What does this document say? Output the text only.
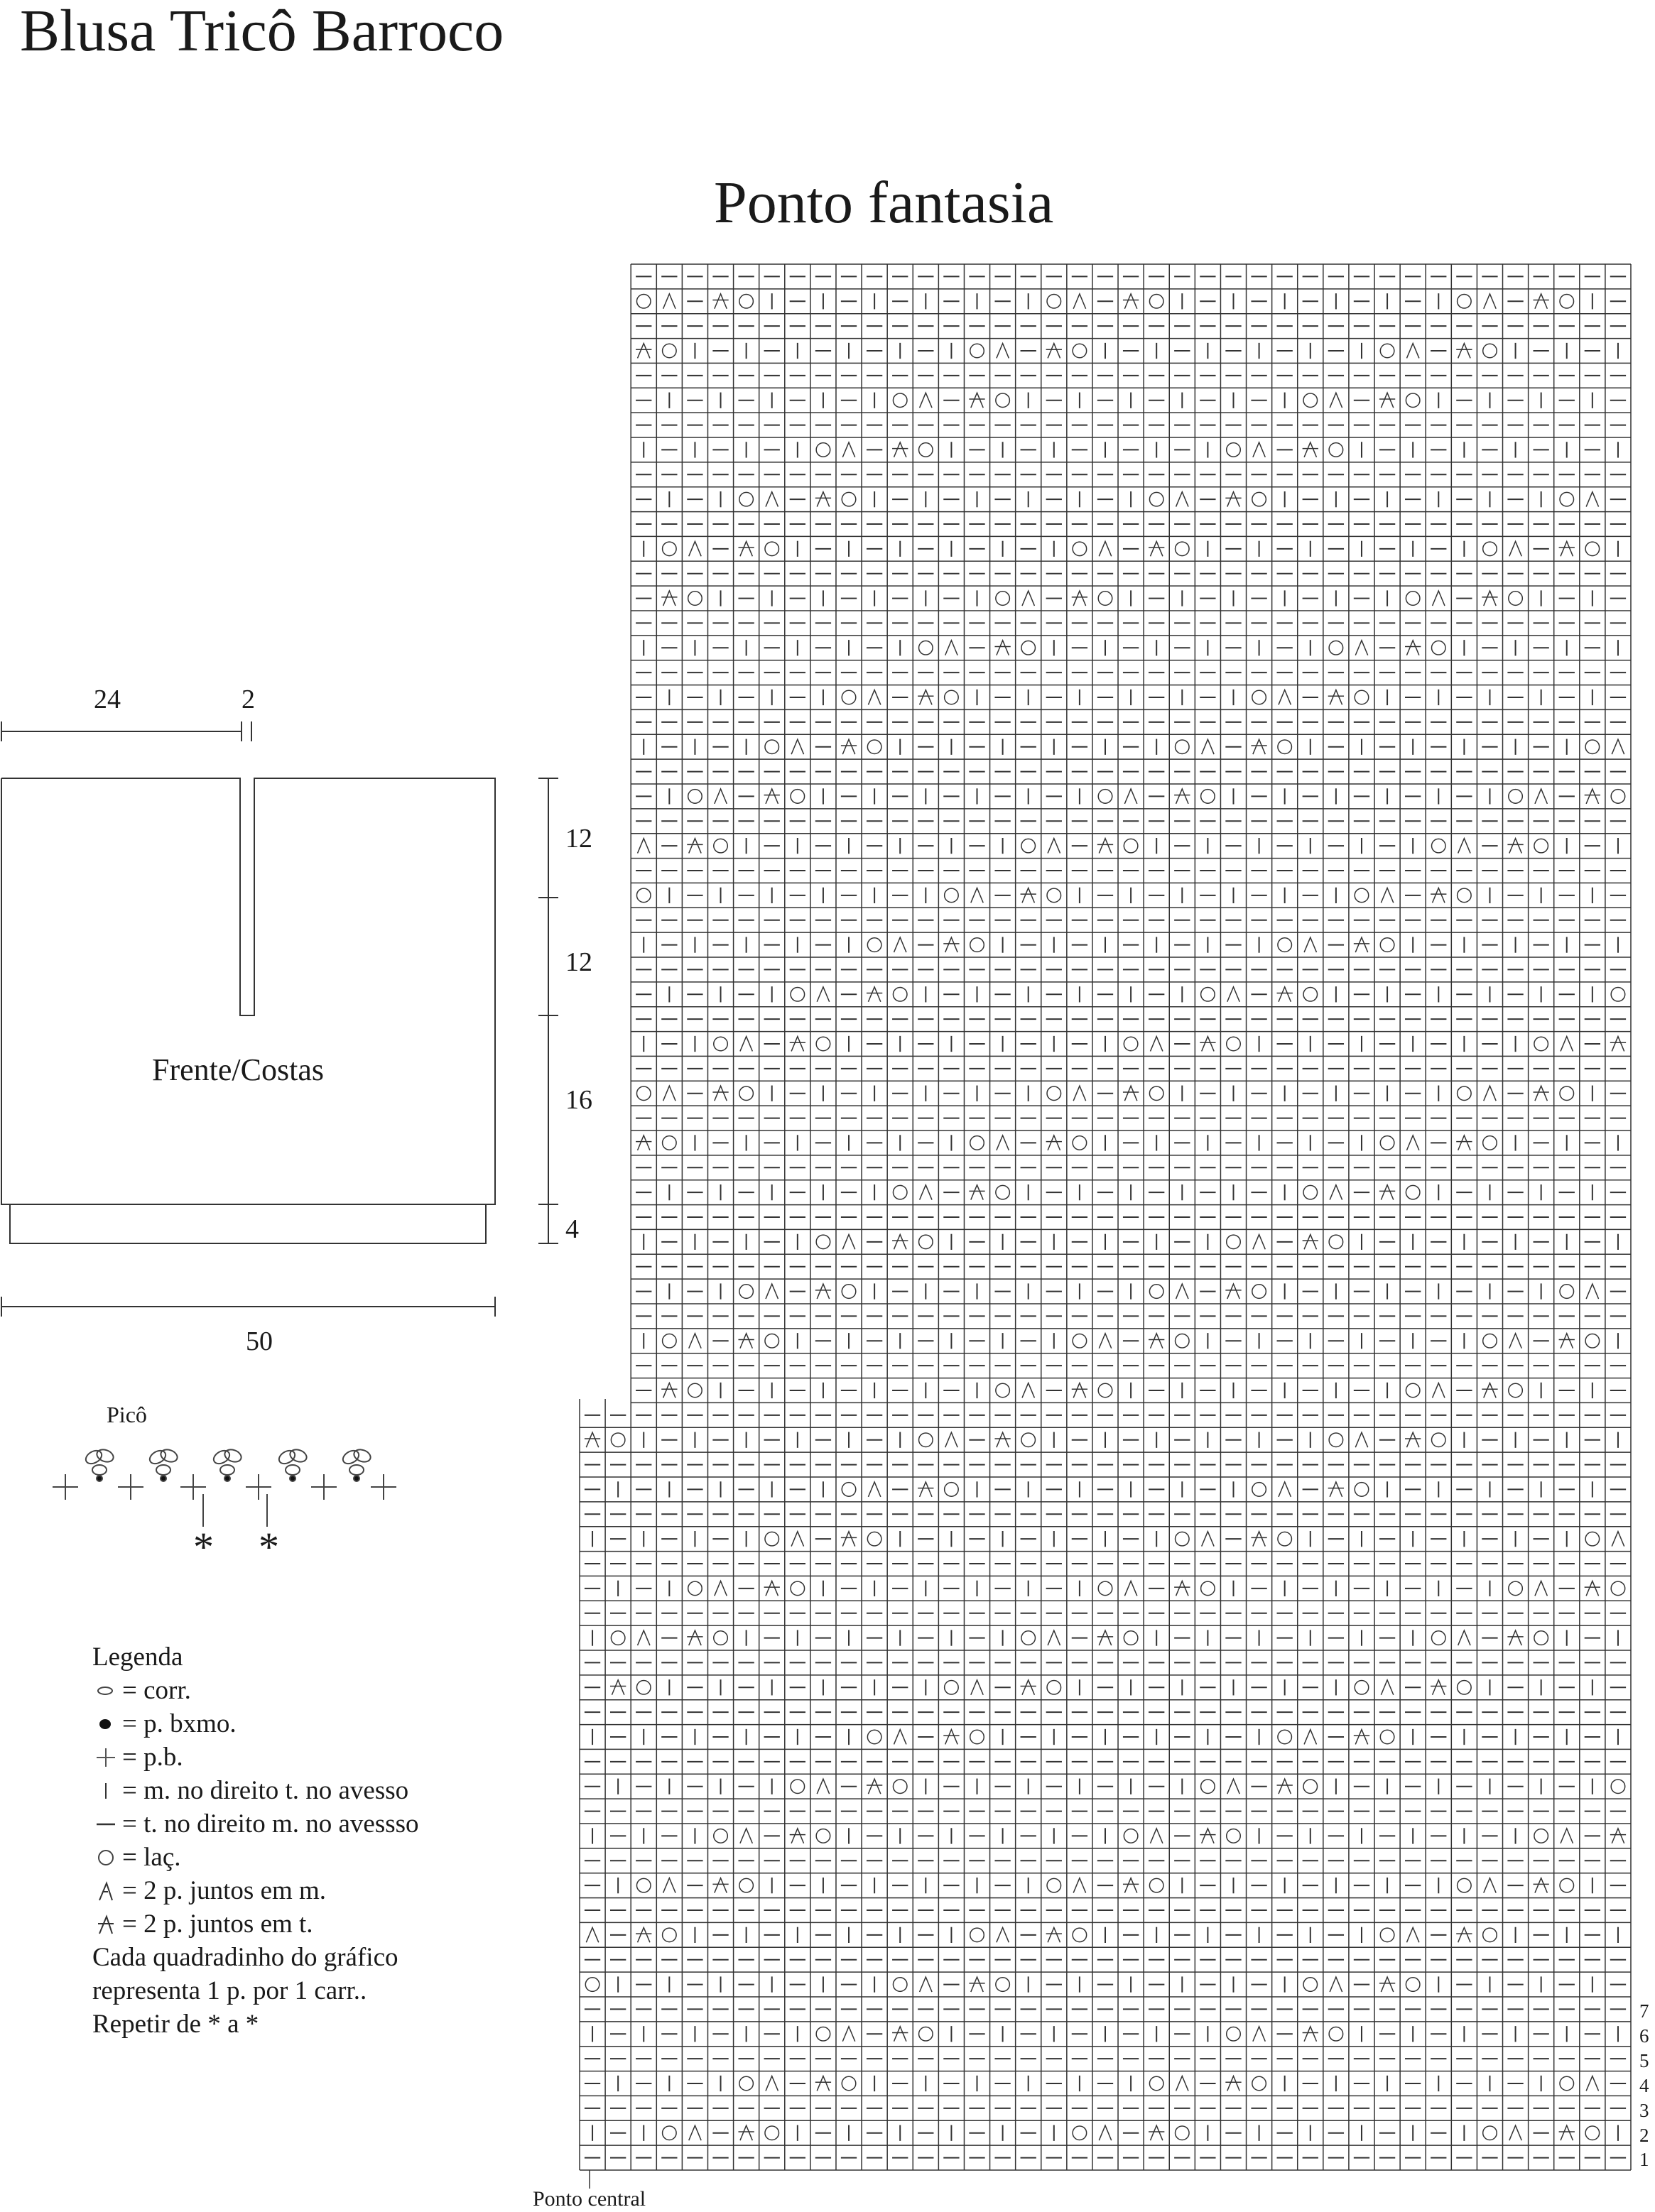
Blusa Tricô Barroco
Ponto fantasia
24	2
Frente/Costas
50
12
12
16
4
Picô
* *
Legenda
= corr.
= p. bxmo.
= p.b.
= m. no direito t. no avesso
= t. no direito m. no avessso
= laç.
= 2 p. juntos em m.
= 2 p. juntos em t.
Cada quadradinho do gráfico
representa 1 p. por 1 carr..
Repetir de * a *
1
2
3
4
5
6
7
Ponto central
